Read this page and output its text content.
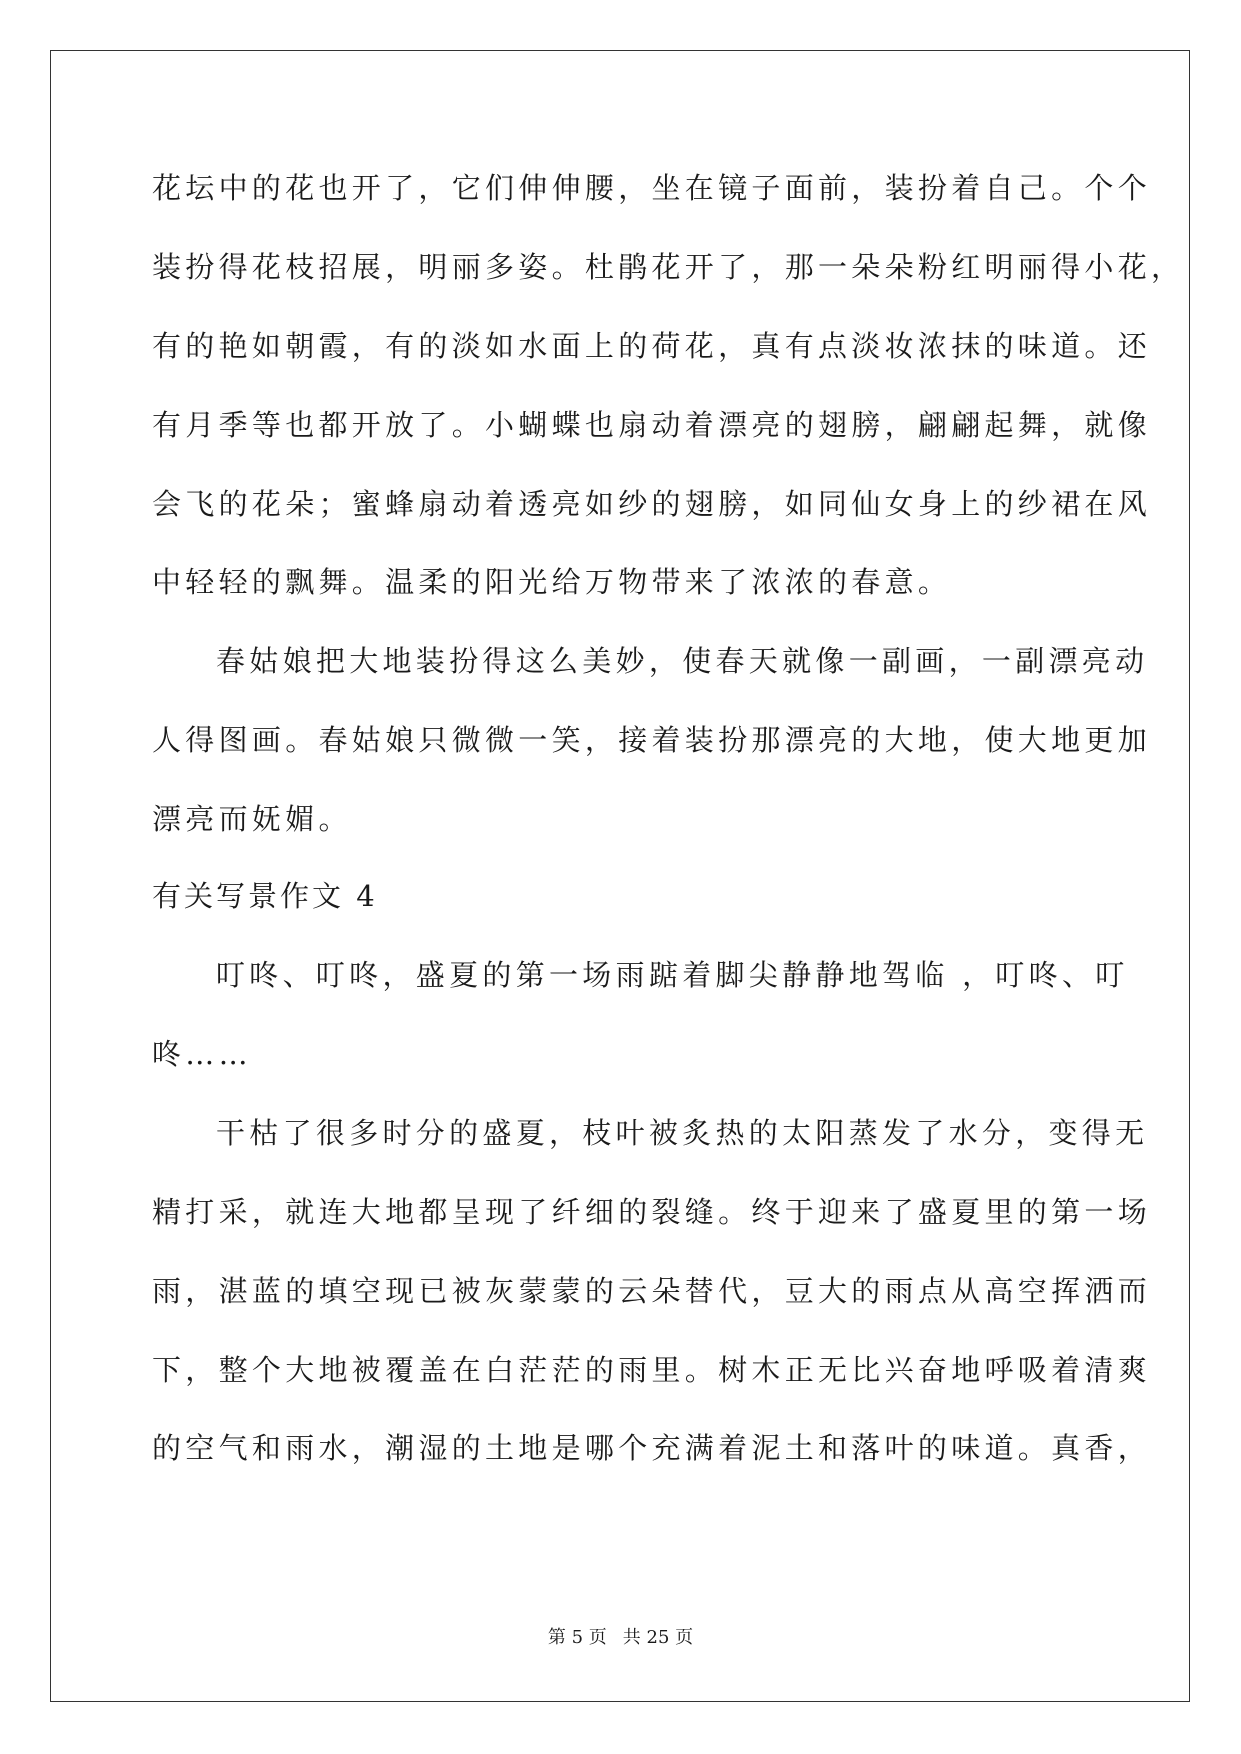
花坛中的花也开了，它们伸伸腰，坐在镜子面前，装扮着自己。个个
装扮得花枝招展，明丽多姿。杜鹃花开了，那一朵朵粉红明丽得小花，
有的艳如朝霞，有的淡如水面上的荷花，真有点淡妆浓抹的味道。还
有月季等也都开放了。小蝴蝶也扇动着漂亮的翅膀，翩翩起舞，就像
会飞的花朵；蜜蜂扇动着透亮如纱的翅膀，如同仙女身上的纱裙在风
中轻轻的飘舞。温柔的阳光给万物带来了浓浓的春意。
春姑娘把大地装扮得这么美妙，使春天就像一副画，一副漂亮动
人得图画。春姑娘只微微一笑，接着装扮那漂亮的大地，使大地更加
漂亮而妩媚。
有关写景作文 4
叮咚、叮咚，盛夏的第一场雨踮着脚尖静静地驾临 ，叮咚、叮
咚……
干枯了很多时分的盛夏，枝叶被炙热的太阳蒸发了水分，变得无
精打采，就连大地都呈现了纤细的裂缝。终于迎来了盛夏里的第一场
雨，湛蓝的填空现已被灰蒙蒙的云朵替代，豆大的雨点从高空挥洒而
下，整个大地被覆盖在白茫茫的雨里。树木正无比兴奋地呼吸着清爽
的空气和雨水，潮湿的土地是哪个充满着泥土和落叶的味道。真香，
第 5 页 共 25 页
